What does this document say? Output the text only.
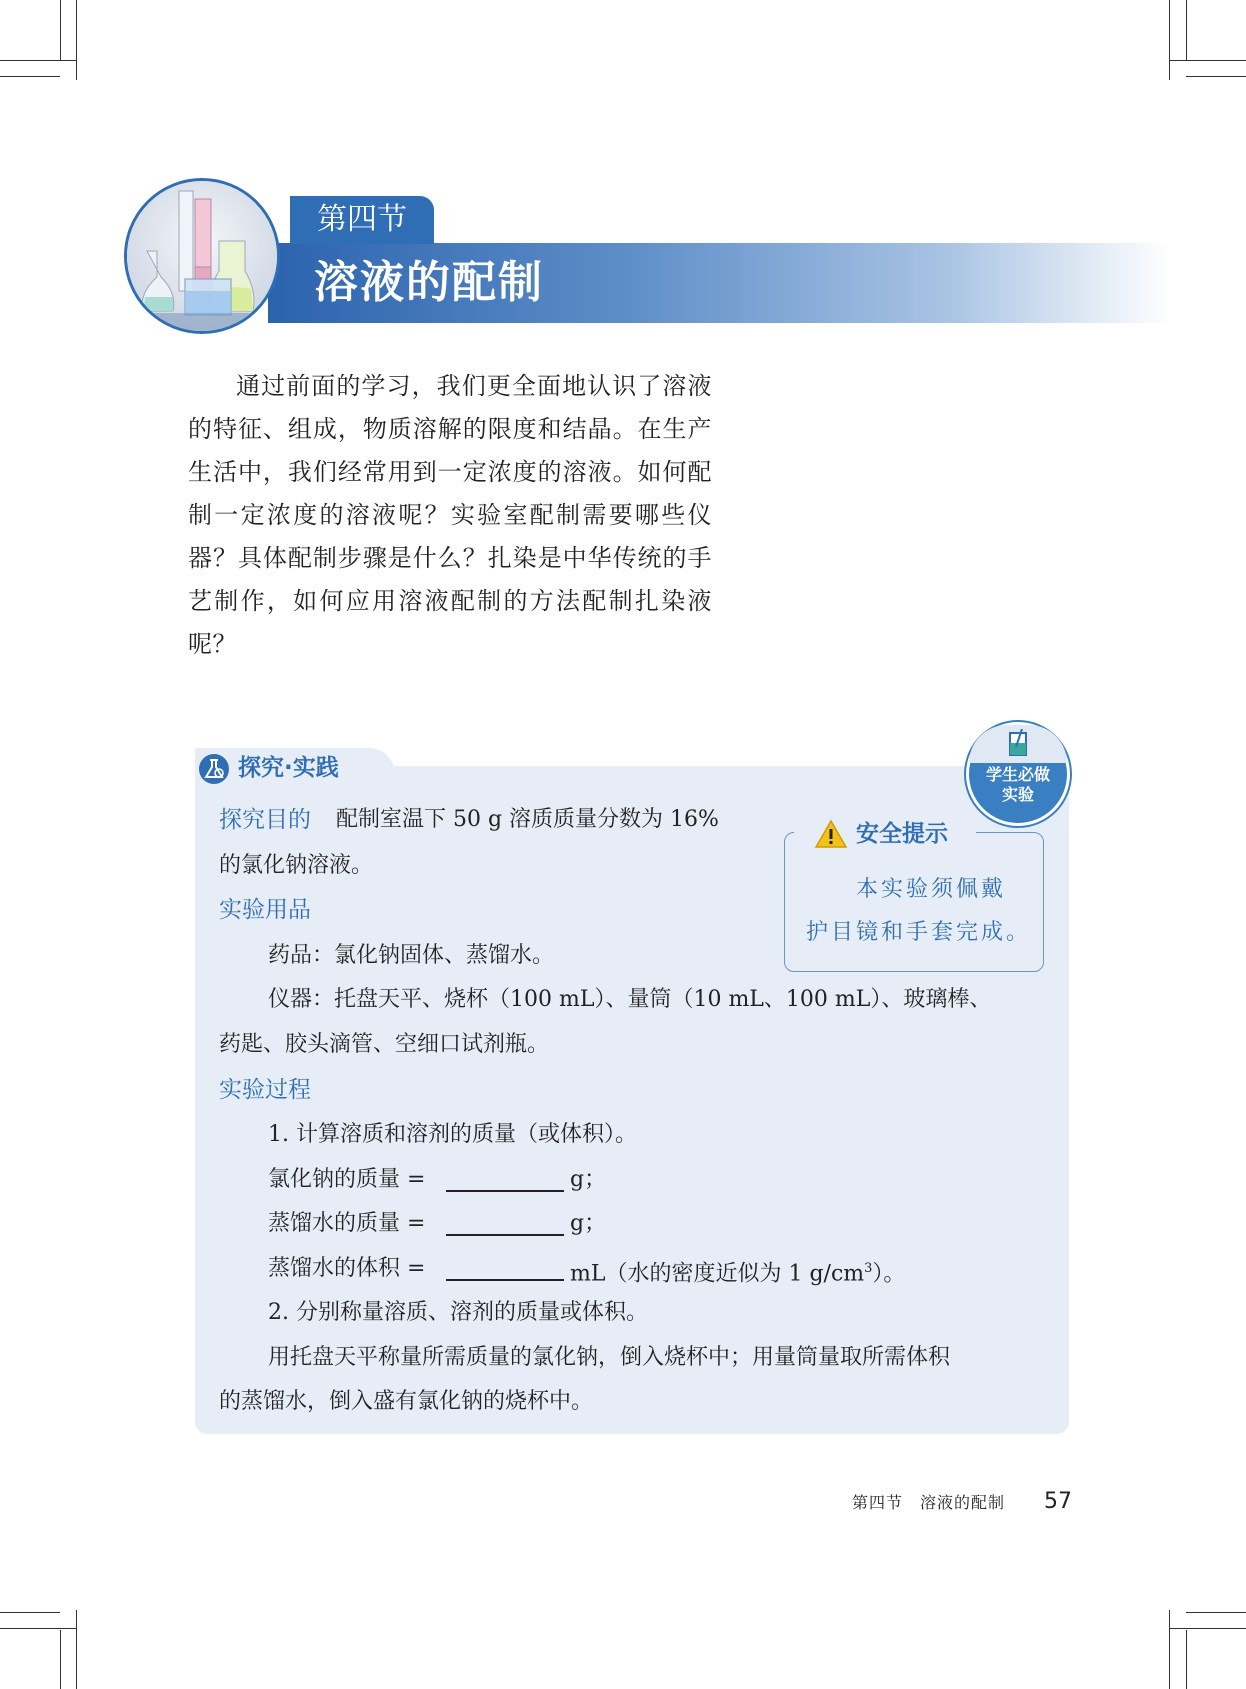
第四节
溶液的配制

通过前面的学习，我们更全面地认识了溶液的特征、组成，物质溶解的限度和结晶。在生产生活中，我们经常用到一定浓度的溶液。如何配制一定浓度的溶液呢？实验室配制需要哪些仪器？具体配制步骤是什么？扎染是中华传统的手艺制作，如何应用溶液配制的方法配制扎染液呢？

探究·实践	学生必做
实验
探究目的 配制室温下 50 g 溶质质量分数为 16%
的氯化钠溶液。
实验用品
药品：氯化钠固体、蒸馏水。
仪器：托盘天平、烧杯（100 mL）、量筒（10 mL、100 mL）、玻璃棒、
药匙、胶头滴管、空细口试剂瓶。
实验过程
1. 计算溶质和溶剂的质量（或体积）。
氯化钠的质量 =	g；
蒸馏水的质量 =	g；
蒸馏水的体积 =	mL（水的密度近似为 1 $g/cm^3$）。
2. 分别称量溶质、溶剂的质量或体积。
用托盘天平称量所需质量的氯化钠，倒入烧杯中；用量筒量取所需体积
的蒸馏水，倒入盛有氯化钠的烧杯中。
安全提示
本实验须佩戴
护目镜和手套完成。
第四节　溶液的配制 57
